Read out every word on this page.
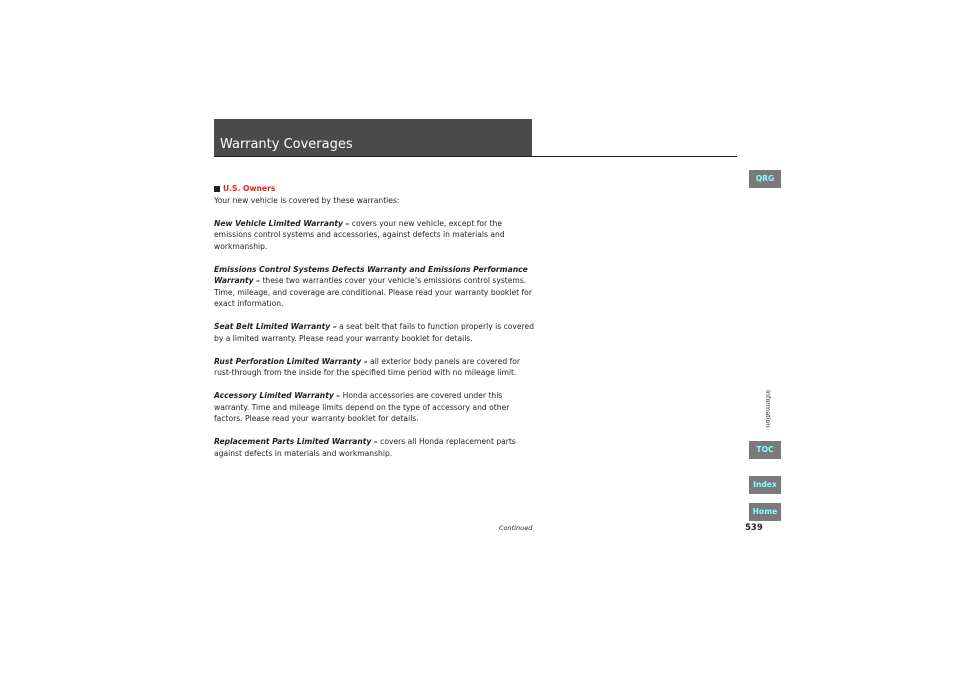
Warranty Coverages
U.S. Owners

Your new vehicle is covered by these warranties:

New Vehicle Limited Warranty – covers your new vehicle, except for the emissions control systems and accessories, against defects in materials and workmanship.

Emissions Control Systems Defects Warranty and Emissions Performance Warranty – these two warranties cover your vehicle’s emissions control systems. Time, mileage, and coverage are conditional. Please read your warranty booklet for exact information.

Seat Belt Limited Warranty – a seat belt that fails to function properly is covered by a limited warranty. Please read your warranty booklet for details.

Rust Perforation Limited Warranty – all exterior body panels are covered for rust-through from the inside for the specified time period with no mileage limit.

Accessory Limited Warranty – Honda accessories are covered under this warranty. Time and mileage limits depend on the type of accessory and other factors. Please read your warranty booklet for details.

Replacement Parts Limited Warranty – covers all Honda replacement parts against defects in materials and workmanship.

QRG
Information
TOC
Index
Home
Continued	539
